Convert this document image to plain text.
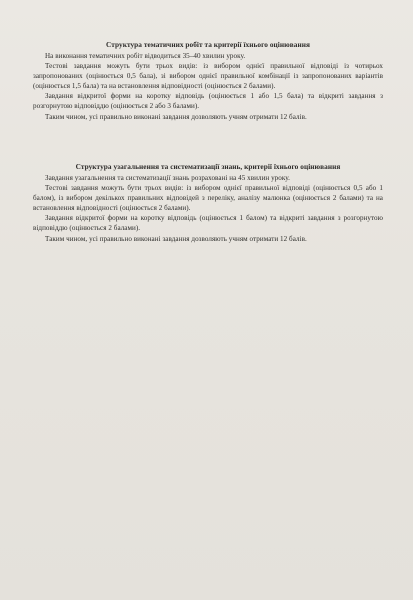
Структура тематичних робіт та критерії їхнього оцінювання

На виконання тематичних робіт відводиться 35–40 хвилин уроку.

Тестові завдання можуть бути трьох видів: із вибором однієї правильної відповіді із чотирьох запропонованих (оцінюється 0,5 бала), зі вибором однієї правильної комбінації із запропонованих варіантів (оцінюється 1,5 бала) та на встановлення відповідності (оцінюється 2 балами).

Завдання відкритої форми на коротку відповідь (оцінюється 1 або 1,5 бала) та відкриті завдання з розгорнутою відповіддю (оцінюється 2 або 3 балами).

Таким чином, усі правильно виконані завдання дозволяють учням отримати 12 балів.

Структура узагальнення та систематизації знань, критерії їхнього оцінювання

Завдання узагальнення та систематизації знань розраховані на 45 хвилин уроку.

Тестові завдання можуть бути трьох видів: із вибором однієї правильної відповіді (оцінюється 0,5 або 1 балом), із вибором декількох правильних відповідей з переліку, аналізу малюнка (оцінюється 2 балами) та на встановлення відповідності (оцінюється 2 балами).

Завдання відкритої форми на коротку відповідь (оцінюється 1 балом) та відкриті завдання з розгорнутою відповіддю (оцінюється 2 балами).

Таким чином, усі правильно виконані завдання дозволяють учням отримати 12 балів.
